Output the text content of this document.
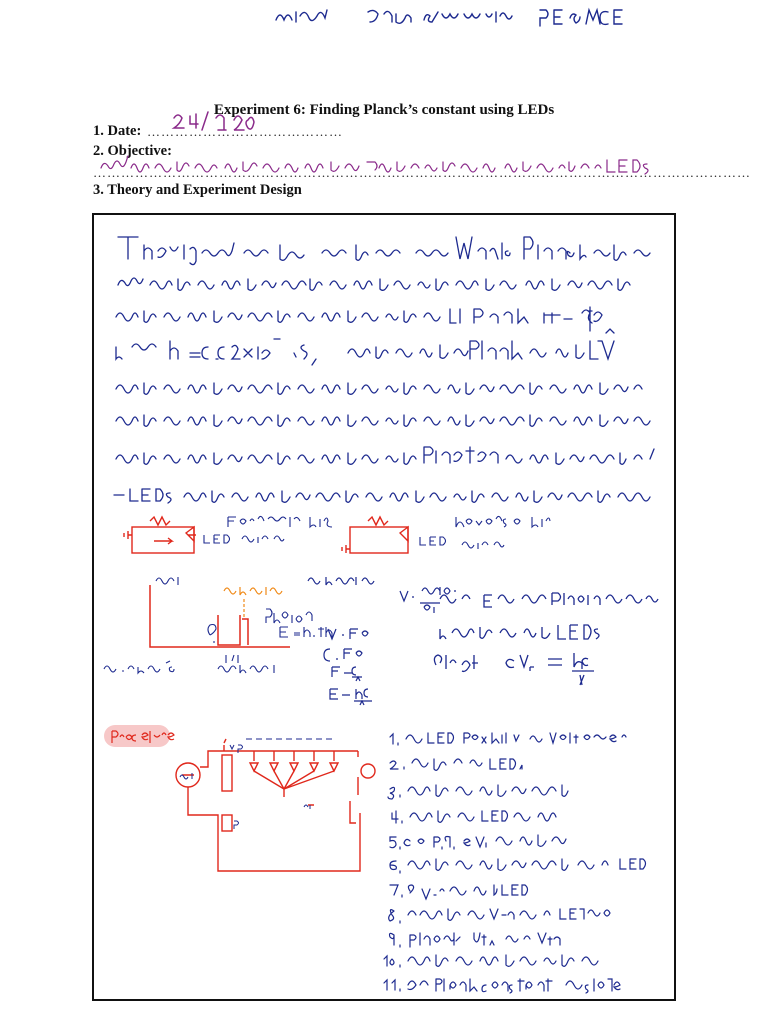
Experiment 6: Finding Planck’s constant using LEDs
1. Date: ……………………………………
2. Objective:
……………………………………………………………………………………………………………………………
3. Theory and Experiment Design
